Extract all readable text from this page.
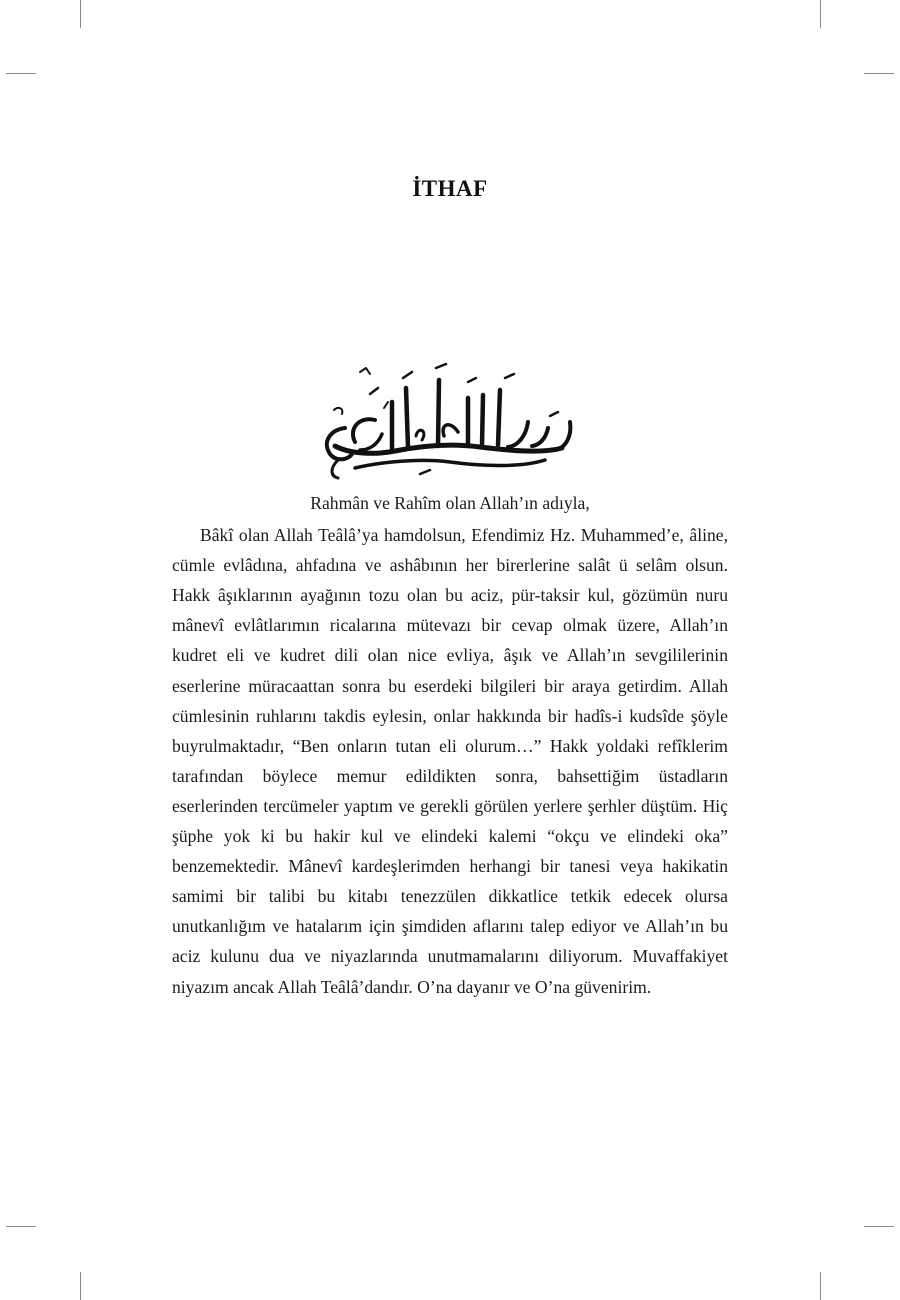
İTHAF

Rahmân ve Rahîm olan Allah’ın adıyla,

Bâkî olan Allah Teâlâ’ya hamdolsun, Efendimiz Hz. Muhammed’e, âline, cümle evlâdına, ahfadına ve ashâbının her birerlerine salât ü selâm olsun. Hakk âşıklarının ayağının tozu olan bu aciz, pür-taksir kul, gözümün nuru mânevî evlâtlarımın ricalarına mütevazı bir cevap olmak üzere, Allah’ın kudret eli ve kudret dili olan nice evliya, âşık ve Allah’ın sevgililerinin eserlerine müracaattan sonra bu eserdeki bilgileri bir araya getirdim. Allah cümlesinin ruhlarını takdis eylesin, onlar hakkında bir hadîs-i kudsîde şöyle buyrulmaktadır, “Ben onların tutan eli olurum…” Hakk yoldaki refîklerim tarafından böylece memur edildikten sonra, bahsettiğim üstadların eserlerinden tercümeler yaptım ve gerekli görülen yerlere şerhler düştüm. Hiç şüphe yok ki bu hakir kul ve elindeki kalemi “okçu ve elindeki oka” benzemektedir. Mânevî kardeşlerimden herhangi bir tanesi veya hakikatin samimi bir talibi bu kitabı tenezzülen dikkatlice tetkik edecek olursa unutkanlığım ve hatalarım için şimdiden aflarını talep ediyor ve Allah’ın bu aciz kulunu dua ve niyazlarında unutmamalarını diliyorum. Muvaffakiyet niyazım ancak Allah Teâlâ’dandır. O’na dayanır ve O’na güvenirim.
